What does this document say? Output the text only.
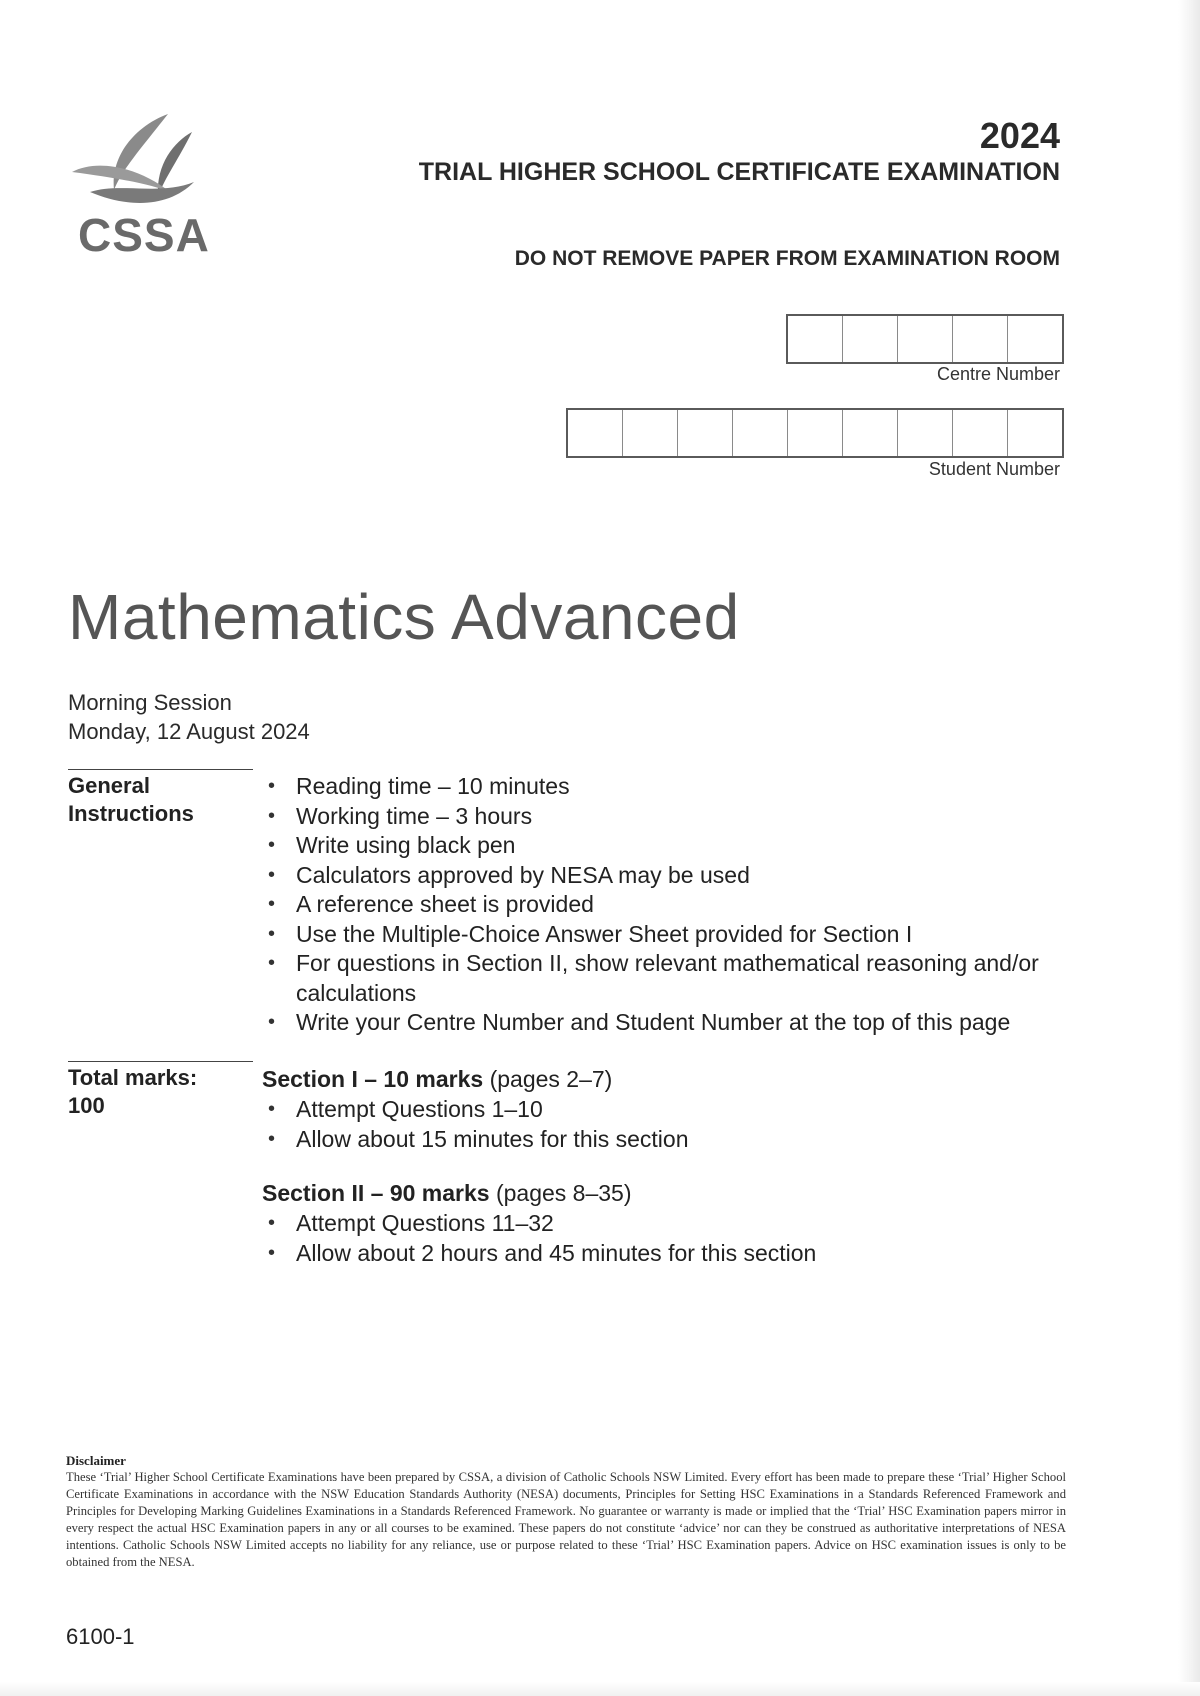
CSSA
2024
TRIAL HIGHER SCHOOL CERTIFICATE EXAMINATION
DO NOT REMOVE PAPER FROM EXAMINATION ROOM
Centre Number
Student Number
Mathematics Advanced
Morning Session
Monday, 12 August 2024
General
Instructions
• Reading time – 10 minutes
• Working time – 3 hours
• Write using black pen
• Calculators approved by NESA may be used
• A reference sheet is provided
• Use the Multiple-Choice Answer Sheet provided for Section I
• For questions in Section II, show relevant mathematical reasoning and/or calculations
• Write your Centre Number and Student Number at the top of this page
Total marks:
100
Section I – 10 marks (pages 2–7)
• Attempt Questions 1–10
• Allow about 15 minutes for this section
Section II – 90 marks (pages 8–35)
• Attempt Questions 11–32
• Allow about 2 hours and 45 minutes for this section
Disclaimer
These ‘Trial’ Higher School Certificate Examinations have been prepared by CSSA, a division of Catholic Schools NSW Limited. Every effort has been made to prepare these ‘Trial’ Higher School Certificate Examinations in accordance with the NSW Education Standards Authority (NESA) documents, Principles for Setting HSC Examinations in a Standards Referenced Framework and Principles for Developing Marking Guidelines Examinations in a Standards Referenced Framework. No guarantee or warranty is made or implied that the ‘Trial’ HSC Examination papers mirror in every respect the actual HSC Examination papers in any or all courses to be examined. These papers do not constitute ‘advice’ nor can they be construed as authoritative interpretations of NESA intentions. Catholic Schools NSW Limited accepts no liability for any reliance, use or purpose related to these ‘Trial’ HSC Examination papers. Advice on HSC examination issues is only to be obtained from the NESA.
6100-1
